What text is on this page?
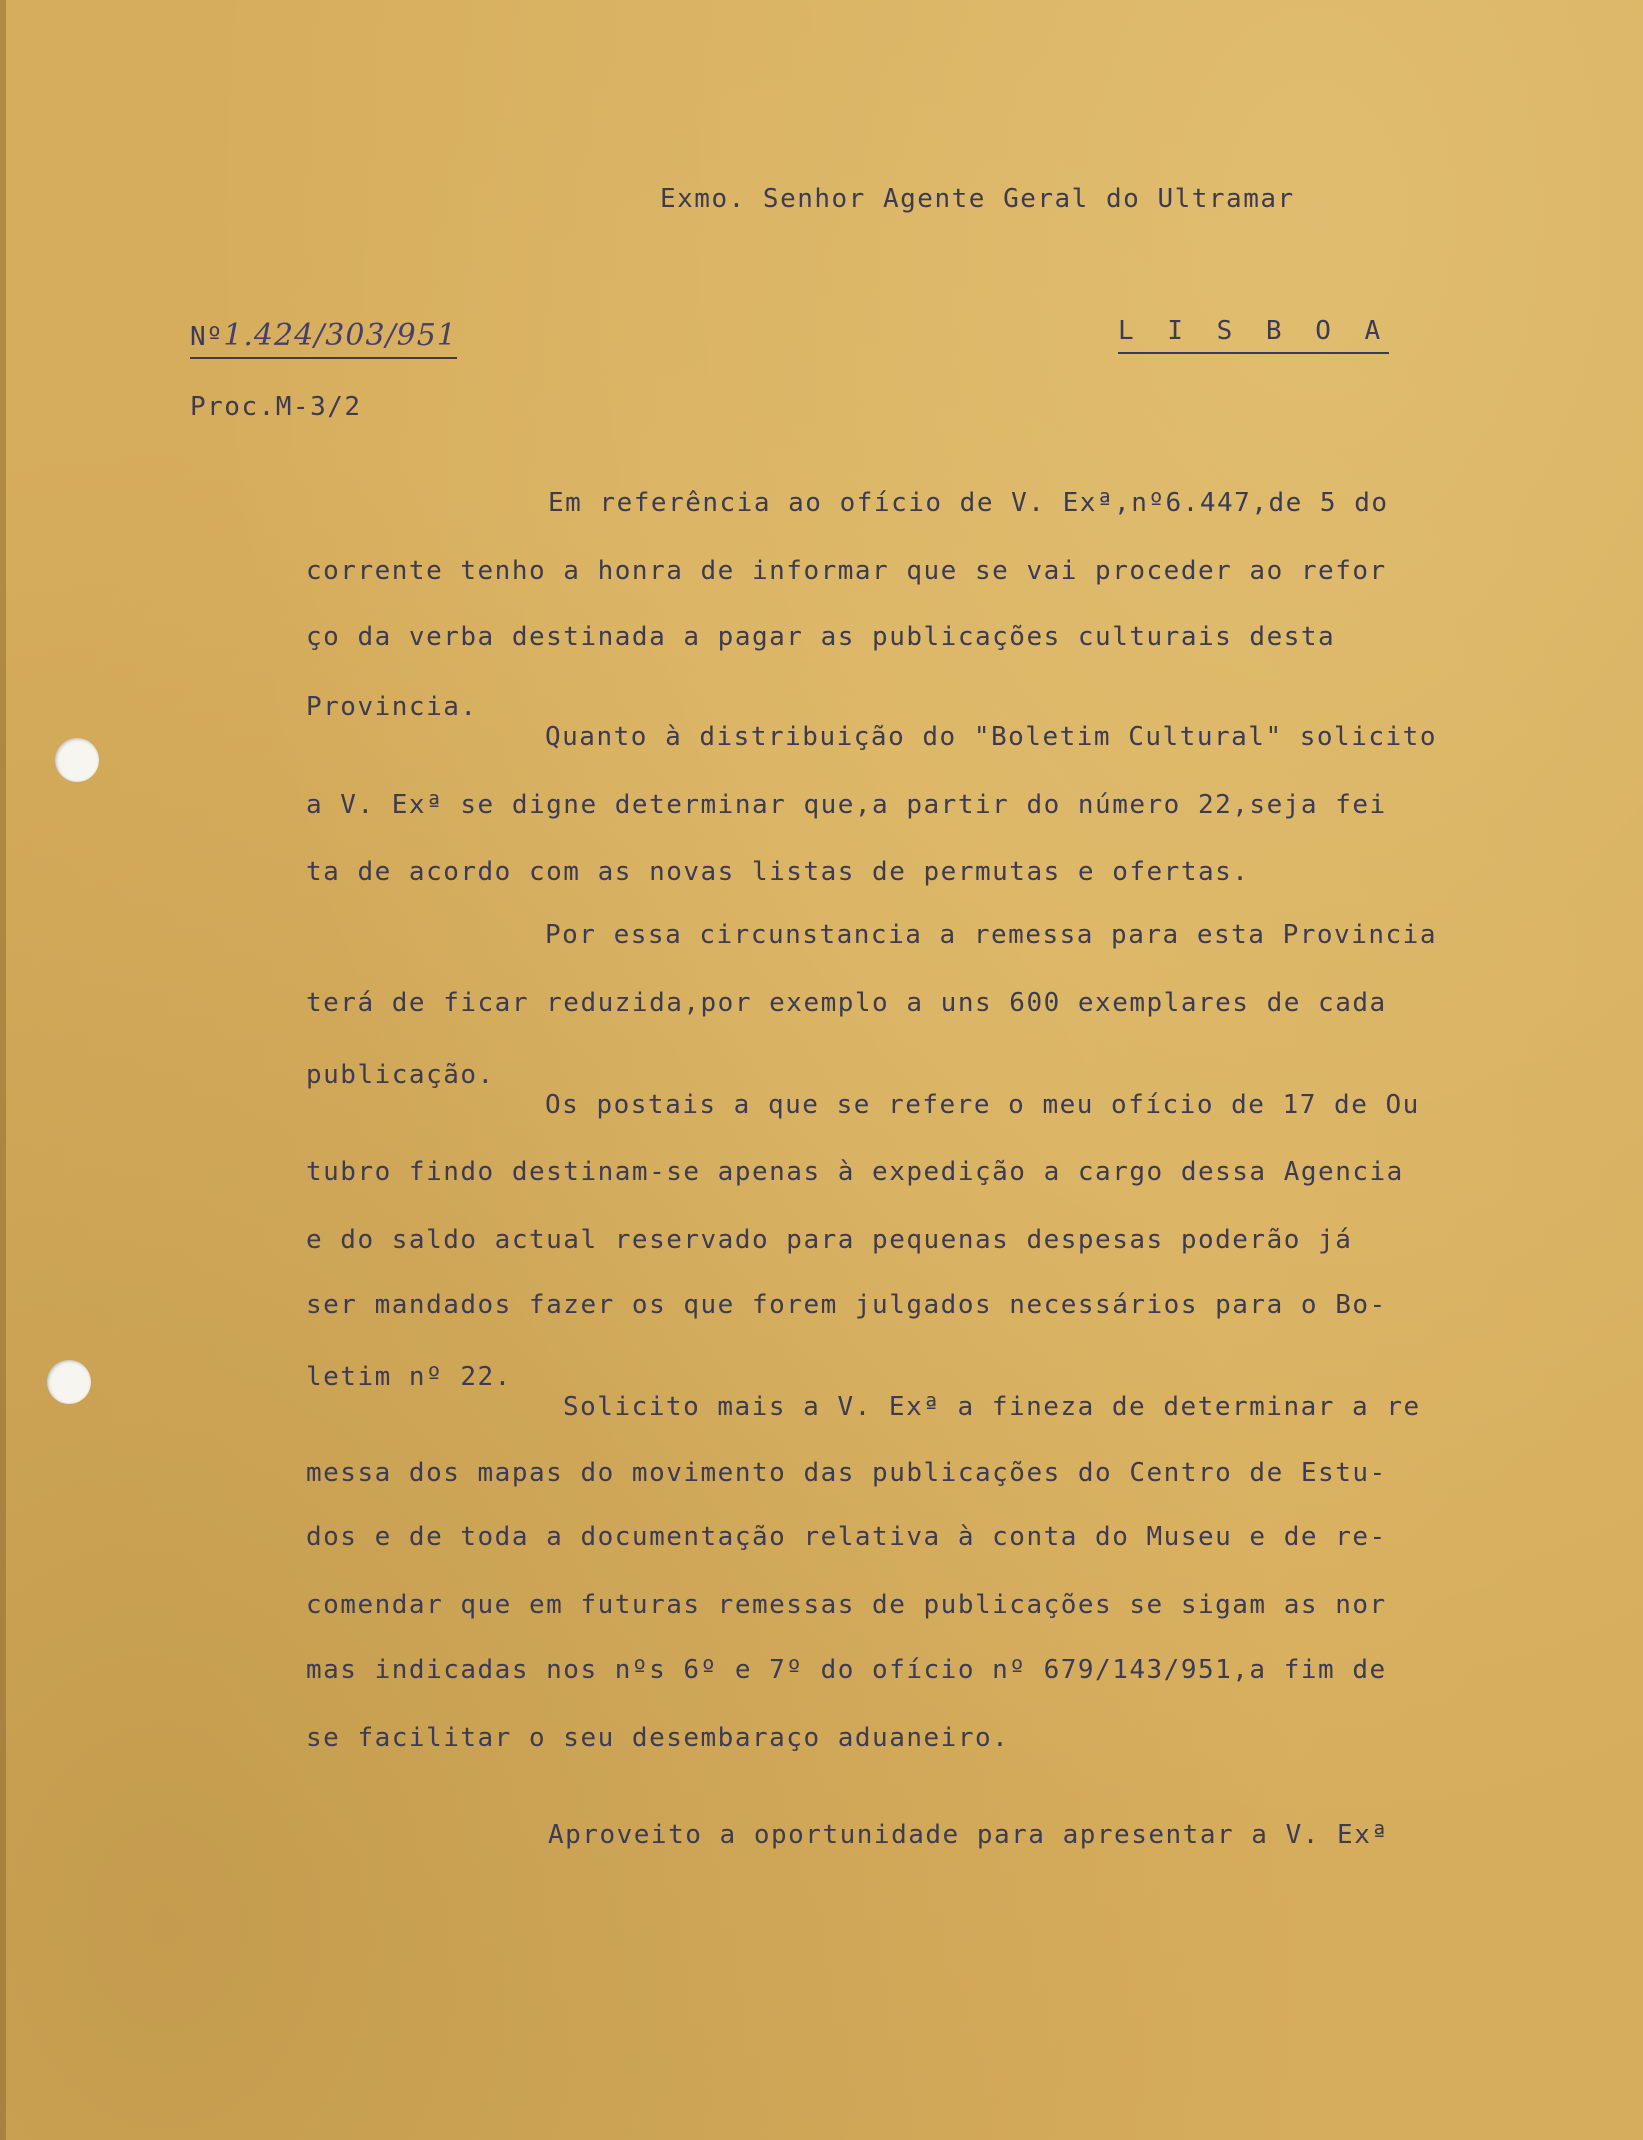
Exmo. Senhor Agente Geral do Ultramar
L I S B O A
Nº1.424/303/951
Proc.M-3/2
Em referência ao ofício de V. Exª,nº6.447,de 5 do
corrente tenho a honra de informar que se vai proceder ao refor
ço da verba destinada a pagar as publicações culturais desta
Provincia.
Quanto à distribuição do "Boletim Cultural" solicito
a V. Exª se digne determinar que,a partir do número 22,seja fei
ta de acordo com as novas listas de permutas e ofertas.
Por essa circunstancia a remessa para esta Provincia
terá de ficar reduzida,por exemplo a uns 600 exemplares de cada
publicação.
Os postais a que se refere o meu ofício de 17 de Ou
tubro findo destinam-se apenas à expedição a cargo dessa Agencia
e do saldo actual reservado para pequenas despesas poderão já
ser mandados fazer os que forem julgados necessários para o Bo-
letim nº 22.
Solicito mais a V. Exª a fineza de determinar a re
messa dos mapas do movimento das publicações do Centro de Estu-
dos e de toda a documentação relativa à conta do Museu e de re-
comendar que em futuras remessas de publicações se sigam as nor
mas indicadas nos nºs 6º e 7º do ofício nº 679/143/951,a fim de
se facilitar o seu desembaraço aduaneiro.
Aproveito a oportunidade para apresentar a V. Exª
